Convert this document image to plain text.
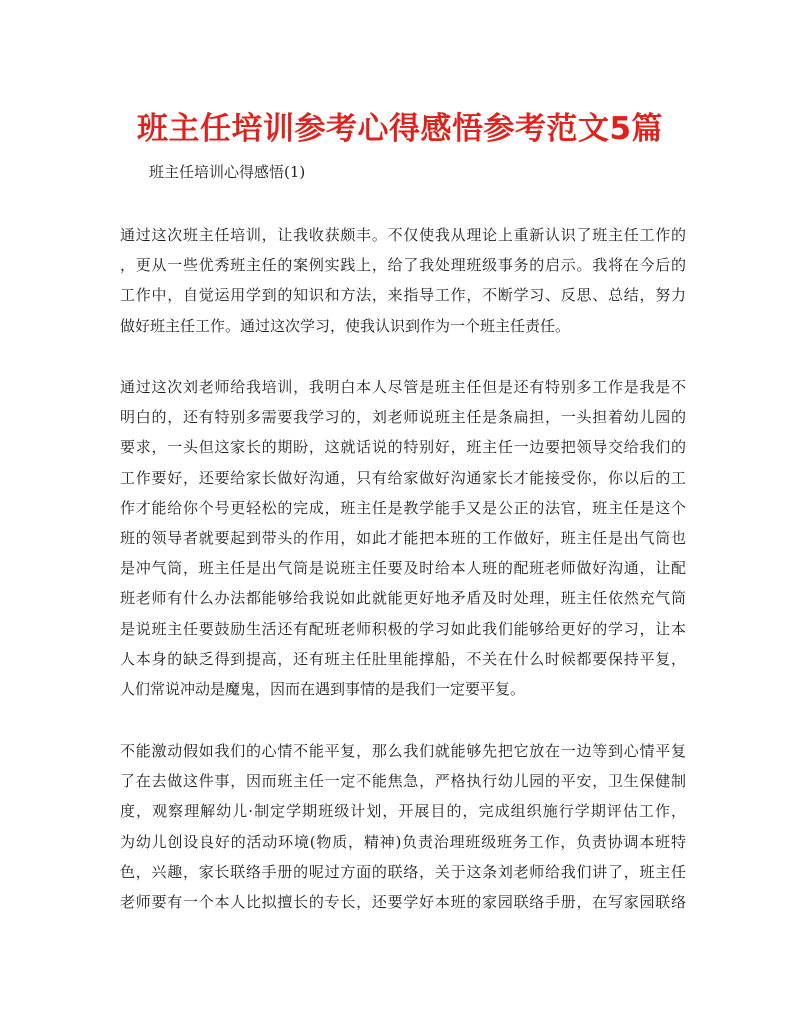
班主任培训参考心得感悟参考范文5篇
班主任培训心得感悟(1)
通过这次班主任培训，让我收获颇丰。不仅使我从理论上重新认识了班主任工作的
，更从一些优秀班主任的案例实践上，给了我处理班级事务的启示。我将在今后的
工作中，自觉运用学到的知识和方法，来指导工作，不断学习、反思、总结，努力
做好班主任工作。通过这次学习，使我认识到作为一个班主任责任。
通过这次刘老师给我培训，我明白本人尽管是班主任但是还有特别多工作是我是不
明白的，还有特别多需要我学习的，刘老师说班主任是条扁担，一头担着幼儿园的
要求，一头但这家长的期盼，这就话说的特别好，班主任一边要把领导交给我们的
工作要好，还要给家长做好沟通，只有给家做好沟通家长才能接受你，你以后的工
作才能给你个号更轻松的完成，班主任是教学能手又是公正的法官，班主任是这个
班的领导者就要起到带头的作用，如此才能把本班的工作做好，班主任是出气筒也
是冲气筒，班主任是出气筒是说班主任要及时给本人班的配班老师做好沟通，让配
班老师有什么办法都能够给我说如此就能更好地矛盾及时处理，班主任依然充气筒
是说班主任要鼓励生活还有配班老师积极的学习如此我们能够给更好的学习，让本
人本身的缺乏得到提高，还有班主任肚里能撑船，不关在什么时候都要保持平复，
人们常说冲动是魔鬼，因而在遇到事情的是我们一定要平复。
不能激动假如我们的心情不能平复，那么我们就能够先把它放在一边等到心情平复
了在去做这件事，因而班主任一定不能焦急，严格执行幼儿园的平安，卫生保健制
度，观察理解幼儿·制定学期班级计划，开展目的，完成组织施行学期评估工作，
为幼儿创设良好的活动环境(物质，精神)负责治理班级班务工作，负责协调本班特
色，兴趣，家长联络手册的呢过方面的联络，关于这条刘老师给我们讲了，班主任
老师要有一个本人比拟擅长的专长，还要学好本班的家园联络手册，在写家园联络
